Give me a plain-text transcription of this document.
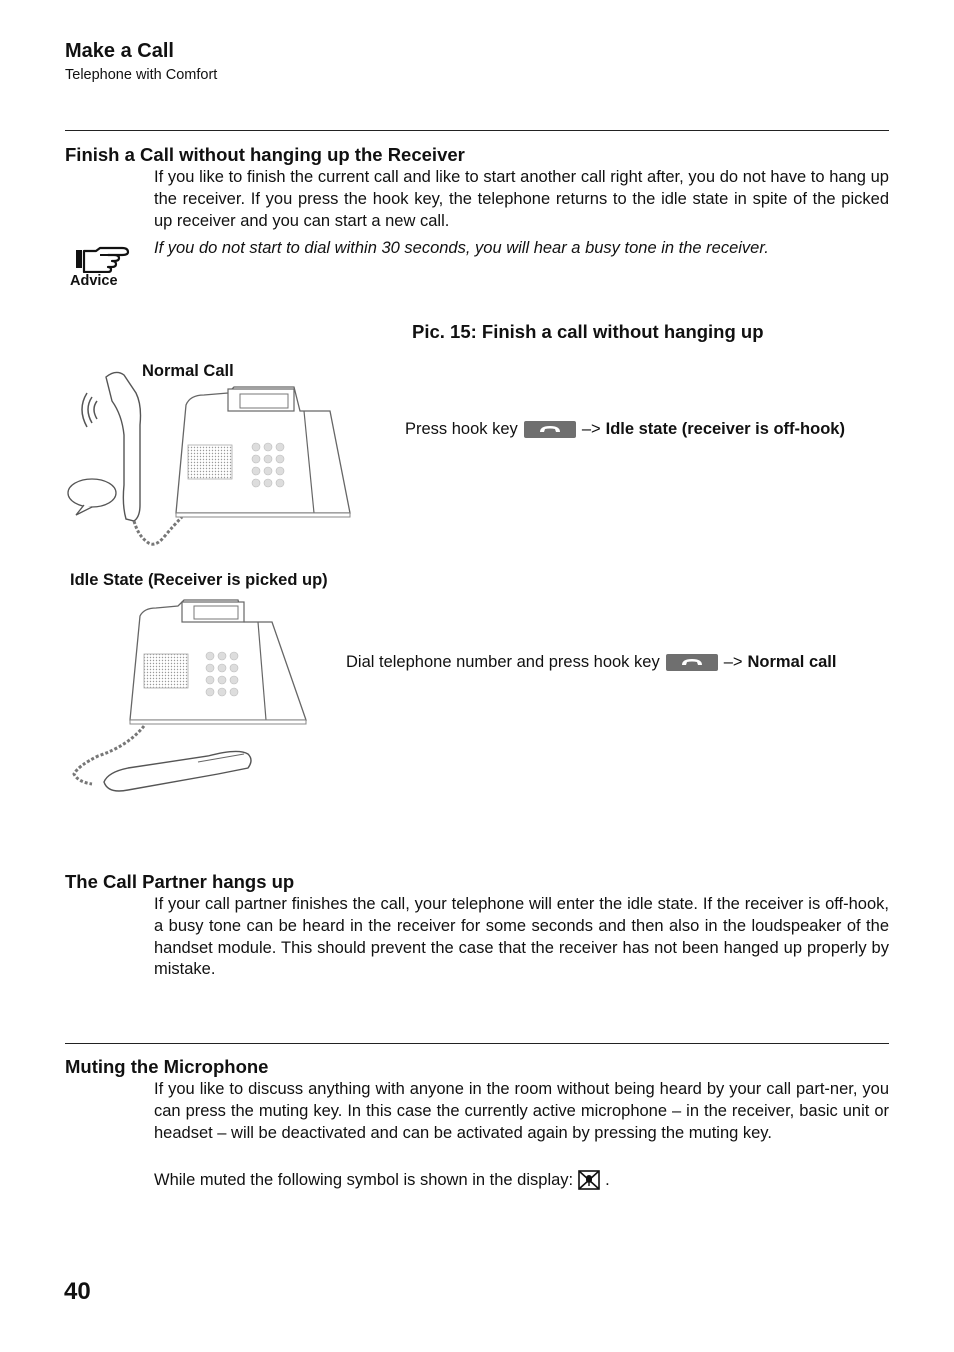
Make a Call
Telephone with Comfort
Finish a Call without hanging up the Receiver
If you like to finish the current call and like to start another call right after, you do not have to hang up the receiver. If you press the hook key, the telephone returns to the idle state in spite of the picked up receiver and you can start a new call.
Advice
If you do not start to dial within 30 seconds, you will hear a busy tone in the receiver.
Pic. 15: Finish a call without hanging up
Normal Call
Press hook key	–> Idle state (receiver is off-hook)
Idle State (Receiver is picked up)
Dial telephone number and press hook key	–> Normal call
The Call Partner hangs up
If your call partner finishes the call, your telephone will enter the idle state. If the receiver is off-hook, a busy tone can be heard in the receiver for some seconds and then also in the loudspeaker of the handset module. This should prevent the case that the receiver has not been hanged up properly by mistake.
Muting the Microphone
If you like to discuss anything with anyone in the room without being heard by your call part-ner, you can press the muting key. In this case the currently active microphone – in the receiver, basic unit or headset – will be deactivated and can be activated again by pressing the muting key.
While muted the following symbol is shown in the display: .
40
